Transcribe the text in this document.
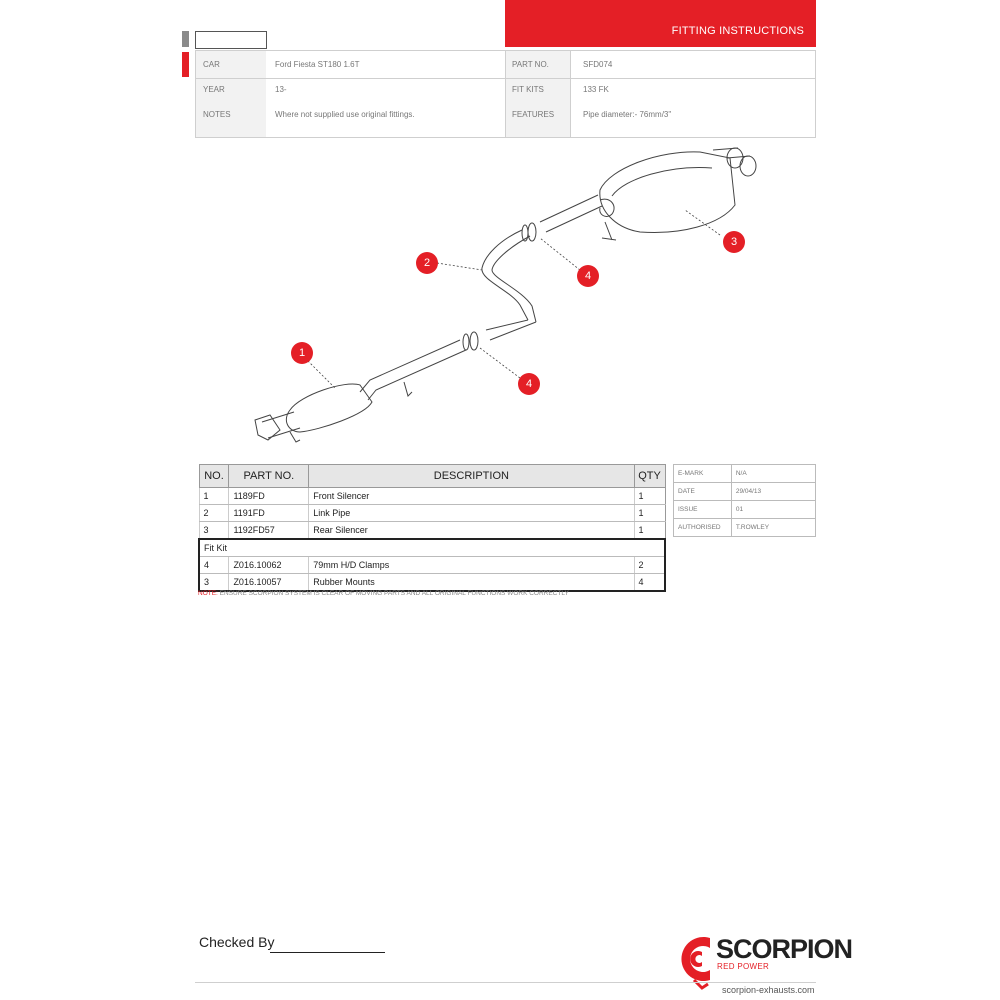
FITTING INSTRUCTIONS
CAR	Ford Fiesta ST180 1.6T
YEAR	13-
NOTES	Where not supplied use original fittings.
PART NO.	SFD074
FIT KITS	133 FK
FEATURES	Pipe diameter:- 76mm/3"
1
2
3
4
4
NO.	PART NO.	DESCRIPTION	QTY
1	1189FD	Front Silencer	1
2	1191FD	Link Pipe	1
3	1192FD57	Rear Silencer	1
Fit Kit			
4	Z016.10062	79mm H/D Clamps	2
3	Z016.10057	Rubber Mounts	4
E-MARK	N/A
DATE	29/04/13
ISSUE	01
AUTHORISED	T.ROWLEY
NOTE: ENSURE SCORPION SYSTEM IS CLEAR OF MOVING PARTS AND ALL ORIGINAL FUNCTIONS WORK CORRECTLY
Checked By	SCORPION
RED POWER
scorpion-exhausts.com
